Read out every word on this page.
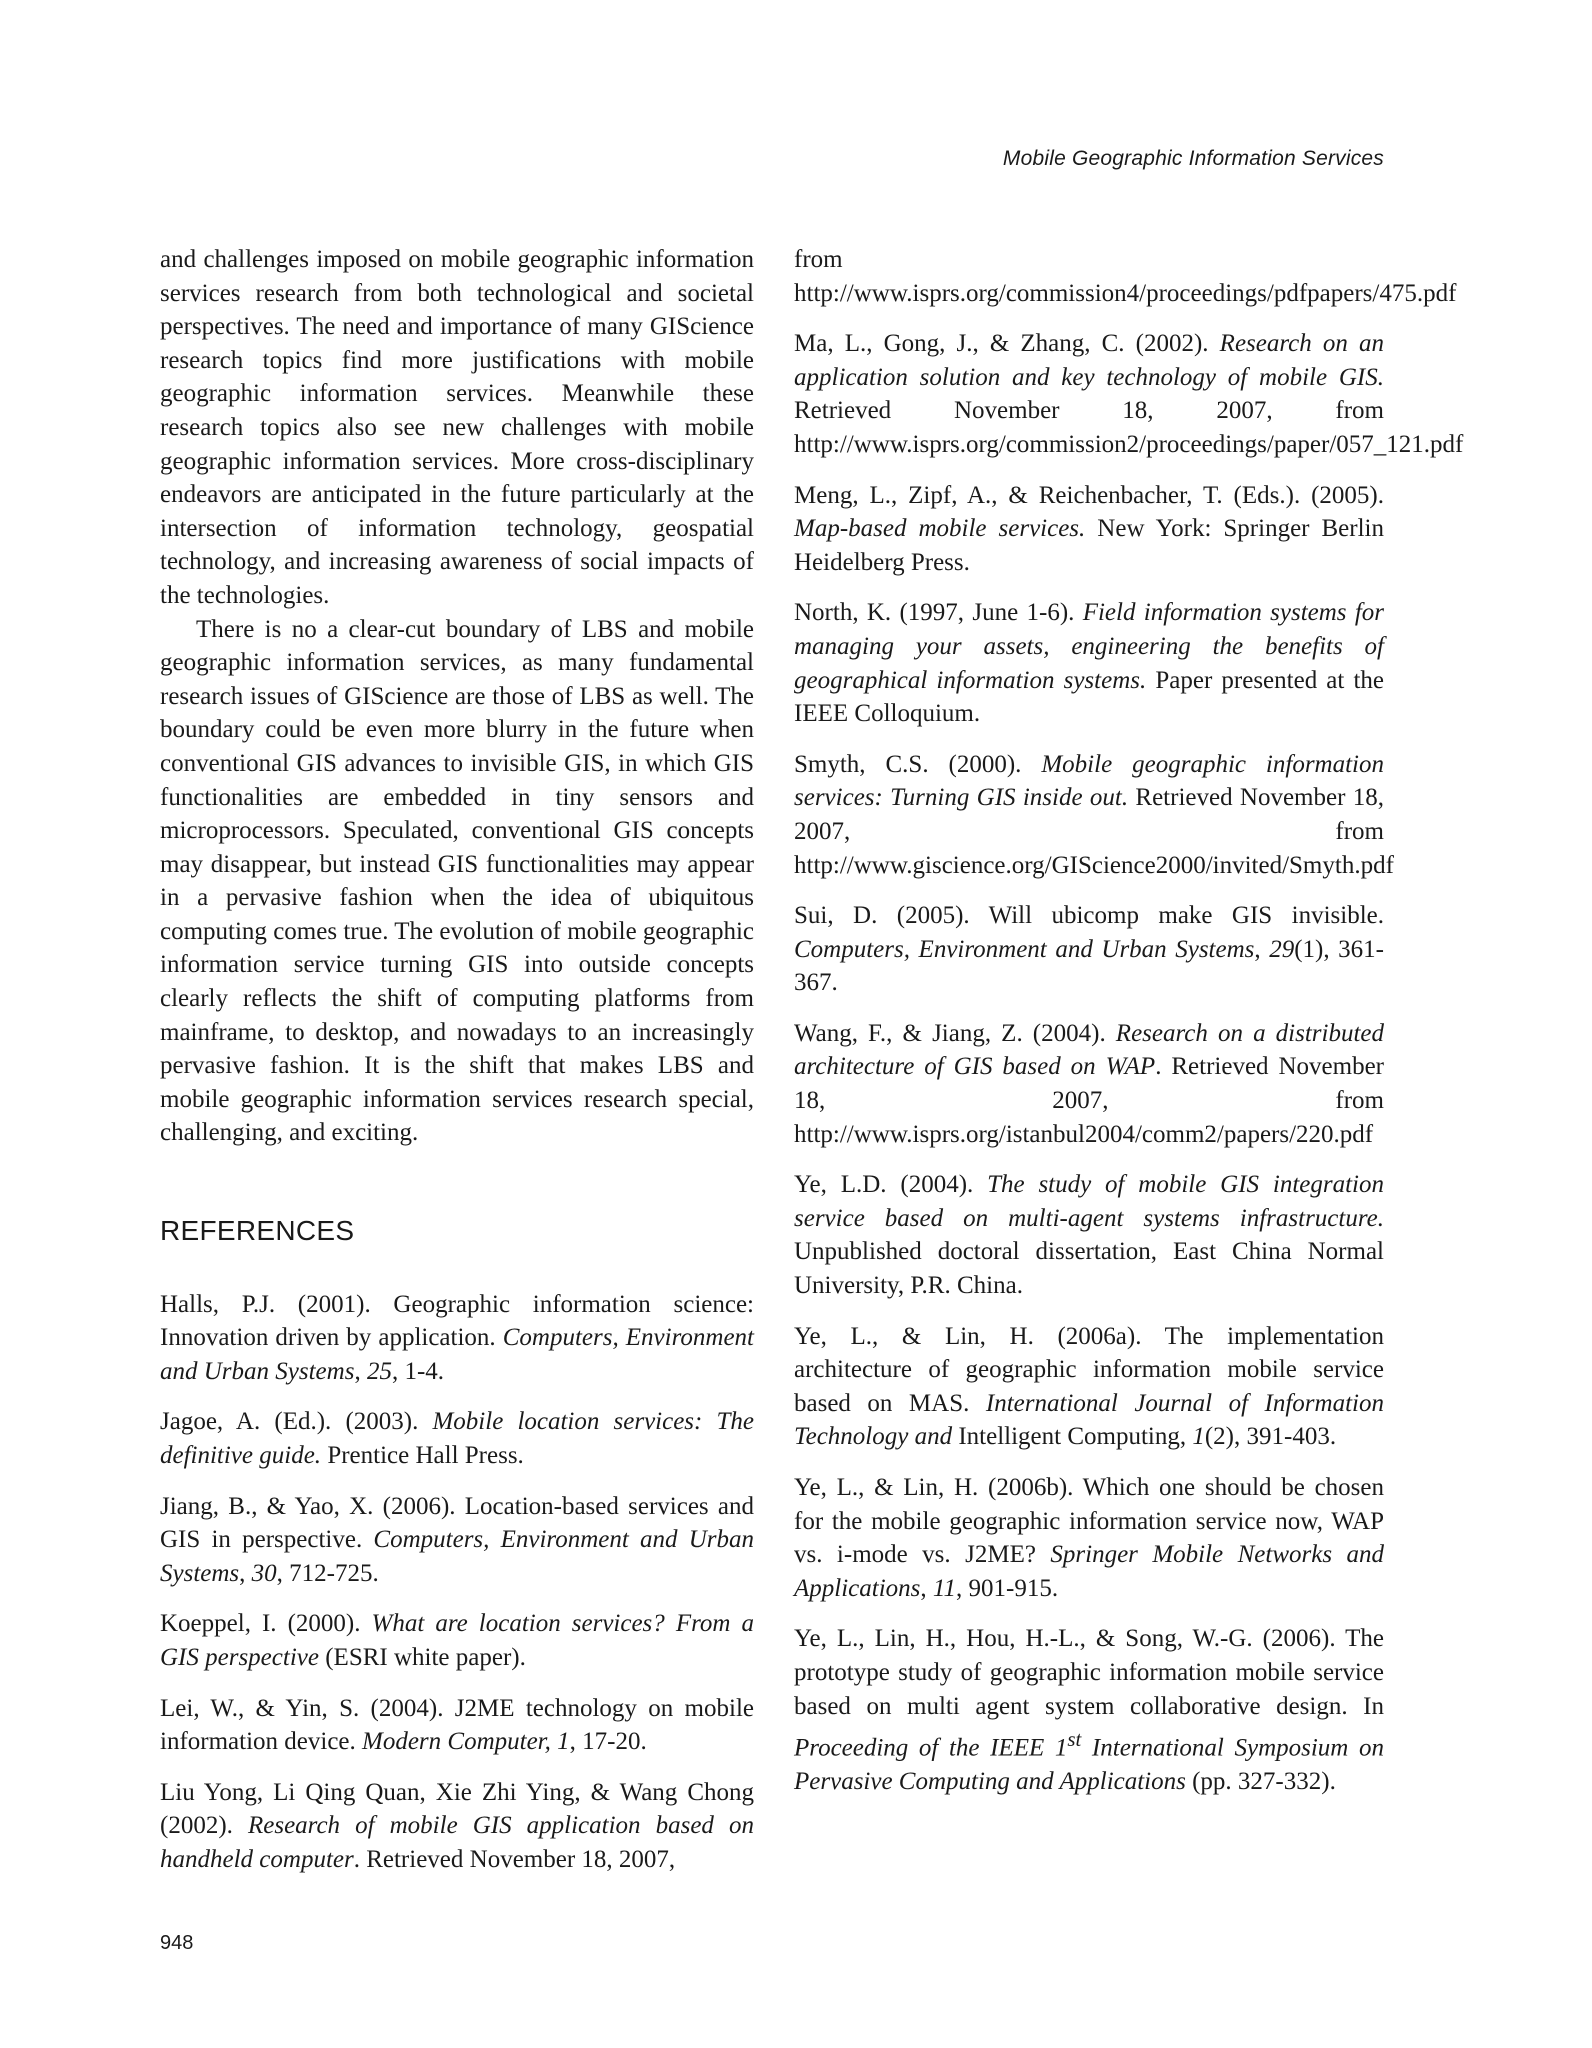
Mobile Geographic Information Services

and challenges imposed on mobile geographic information services research from both technological and societal perspectives. The need and importance of many GIScience research topics find more justifications with mobile geographic information services. Meanwhile these research topics also see new challenges with mobile geographic information services. More cross-disciplinary endeavors are anticipated in the future particularly at the intersection of information technology, geospatial technology, and increasing awareness of social impacts of the technologies.

There is no a clear-cut boundary of LBS and mobile geographic information services, as many fundamental research issues of GIScience are those of LBS as well. The boundary could be even more blurry in the future when conventional GIS advances to invisible GIS, in which GIS functionalities are embedded in tiny sensors and microprocessors. Speculated, conventional GIS concepts may disappear, but instead GIS functionalities may appear in a pervasive fashion when the idea of ubiquitous computing comes true. The evolution of mobile geographic information service turning GIS into outside concepts clearly reflects the shift of computing platforms from mainframe, to desktop, and nowadays to an increasingly pervasive fashion. It is the shift that makes LBS and mobile geographic information services research special, challenging, and exciting.

REFERENCES

Halls, P.J. (2001). Geographic information science: Innovation driven by application. Computers, Environment and Urban Systems, 25, 1-4.

Jagoe, A. (Ed.). (2003). Mobile location services: The definitive guide. Prentice Hall Press.

Jiang, B., & Yao, X. (2006). Location-based services and GIS in perspective. Computers, Environment and Urban Systems, 30, 712-725.

Koeppel, I. (2000). What are location services? From a GIS perspective (ESRI white paper).

Lei, W., & Yin, S. (2004). J2ME technology on mobile information device. Modern Computer, 1, 17-20.

Liu Yong, Li Qing Quan, Xie Zhi Ying, & Wang Chong (2002). Research of mobile GIS application based on handheld computer. Retrieved November 18, 2007,

from http://www.isprs.org/commission4/proceedings/pdfpapers/475.pdf

Ma, L., Gong, J., & Zhang, C. (2002). Research on an application solution and key technology of mobile GIS. Retrieved November 18, 2007, from http://www.isprs.org/commission2/proceedings/paper/057_121.pdf

Meng, L., Zipf, A., & Reichenbacher, T. (Eds.). (2005). Map-based mobile services. New York: Springer Berlin Heidelberg Press.

North, K. (1997, June 1-6). Field information systems for managing your assets, engineering the benefits of geographical information systems. Paper presented at the IEEE Colloquium.

Smyth, C.S. (2000). Mobile geographic information services: Turning GIS inside out. Retrieved November 18, 2007, from http://www.giscience.org/GIScience2000/invited/Smyth.pdf

Sui, D. (2005). Will ubicomp make GIS invisible. Computers, Environment and Urban Systems, 29(1), 361-367.

Wang, F., & Jiang, Z. (2004). Research on a distributed architecture of GIS based on WAP. Retrieved November 18, 2007, from http://www.isprs.org/istanbul2004/comm2/papers/220.pdf

Ye, L.D. (2004). The study of mobile GIS integration service based on multi-agent systems infrastructure. Unpublished doctoral dissertation, East China Normal University, P.R. China.

Ye, L., & Lin, H. (2006a). The implementation architecture of geographic information mobile service based on MAS. International Journal of Information Technology and Intelligent Computing, 1(2), 391-403.

Ye, L., & Lin, H. (2006b). Which one should be chosen for the mobile geographic information service now, WAP vs. i-mode vs. J2ME? Springer Mobile Networks and Applications, 11, 901-915.

Ye, L., Lin, H., Hou, H.-L., & Song, W.-G. (2006). The prototype study of geographic information mobile service based on multi agent system collaborative design. In Proceeding of the IEEE 1st International Symposium on Pervasive Computing and Applications (pp. 327-332).

948
